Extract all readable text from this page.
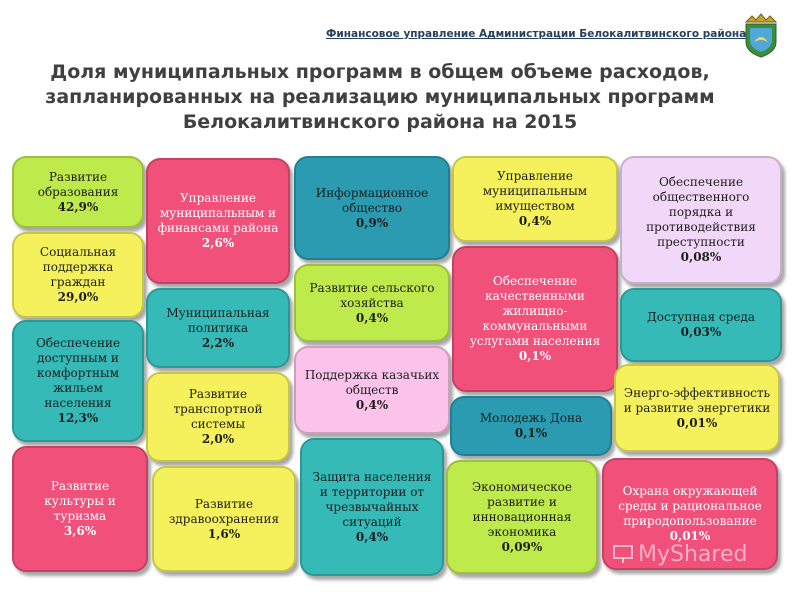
Финансовое управление Администрации Белокалитвинского района
Доля муниципальных программ в общем объеме расходов,
запланированных на реализацию муниципальных программ
Белокалитвинского района на 2015
Развитие образования
42,9%
Социальная поддержка граждан
29,0%
Обеспечение доступным и комфортным жильем населения
12,3%
Развитие культуры и туризма
3,6%
Управление муниципальным и финансами района
2,6%
Муниципальная политика
2,2%
Развитие транспортной системы
2,0%
Развитие здравоохранения
1,6%
Информационное общество
0,9%
Развитие сельского хозяйства
0,4%
Поддержка казачьих обществ
0,4%
Защита населения и территории от чрезвычайных ситуаций
0,4%
Управление муниципальным имуществом
0,4%
Обеспечение качественными жилищно-коммунальными услугами населения
0,1%
Молодежь Дона
0,1%
Экономическое развитие и инновационная экономика
0,09%
Обеспечение общественного порядка и противодействия преступности
0,08%
Доступная среда
0,03%
Энерго-эффективность и развитие энергетики
0,01%
Охрана окружающей среды и рациональное природопользование
0,01%
MyShared
